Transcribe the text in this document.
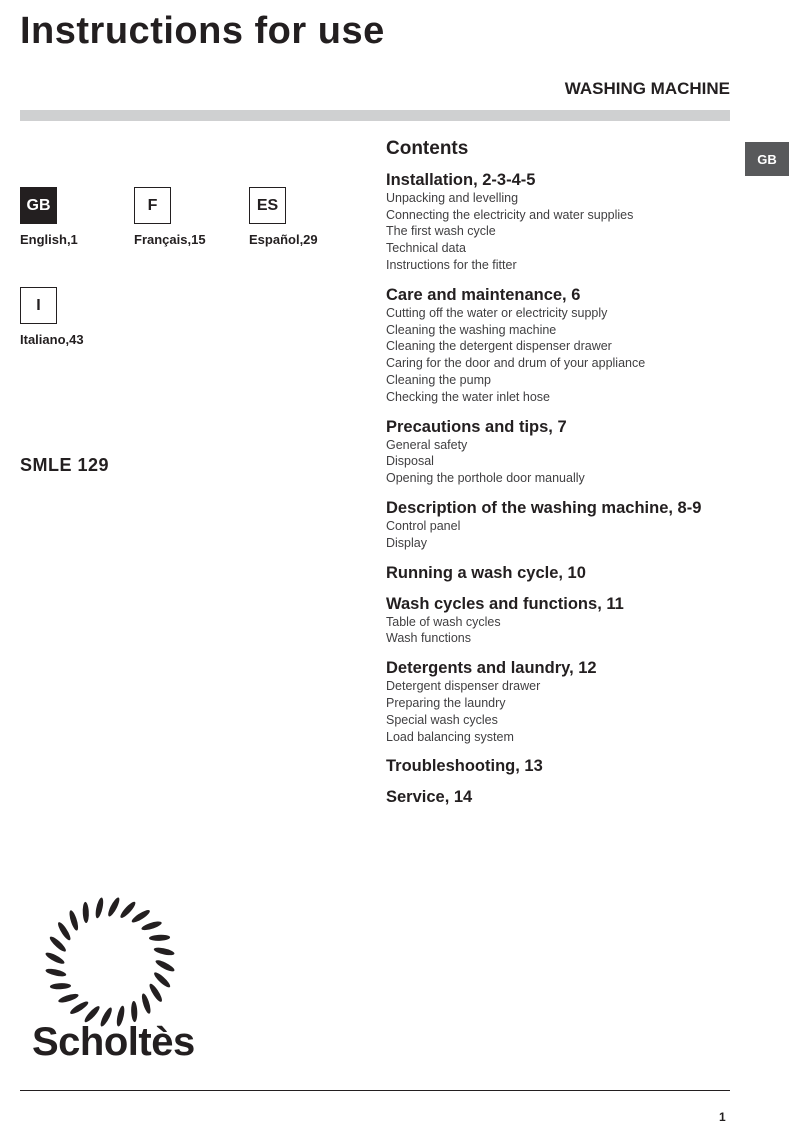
Instructions for use
WASHING MACHINE
GB
GB
English,1
F
Français,15
ES
Español,29
I
Italiano,43
SMLE 129
Contents
Installation, 2-3-4-5
Unpacking and levelling
Connecting the electricity and water supplies
The first wash cycle
Technical data
Instructions for the fitter
Care and maintenance, 6
Cutting off the water or electricity supply
Cleaning the washing machine
Cleaning the detergent dispenser drawer
Caring for the door and drum of your appliance
Cleaning the pump
Checking the water inlet hose
Precautions and tips, 7
General safety
Disposal
Opening the porthole door manually
Description of the washing machine, 8-9
Control panel
Display
Running a wash cycle, 10
Wash cycles and functions, 11
Table of wash cycles
Wash functions
Detergents and laundry, 12
Detergent dispenser drawer
Preparing the laundry
Special wash cycles
Load balancing system
Troubleshooting, 13
Service, 14
Scholtès
1
